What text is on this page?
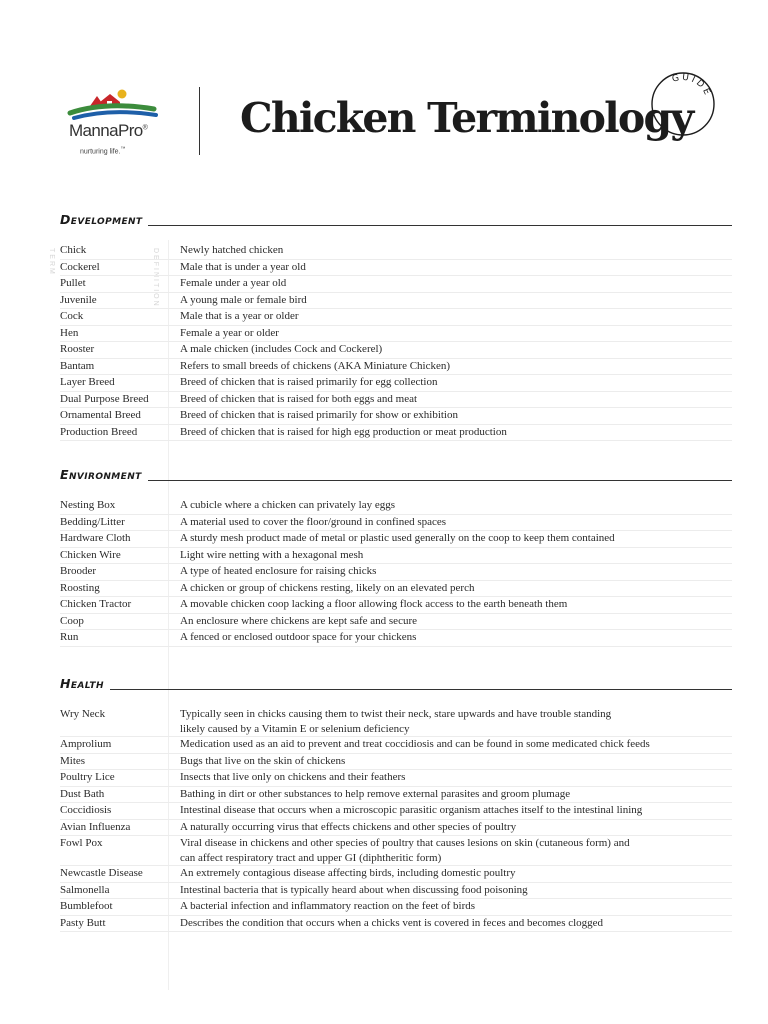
MannaPro®
nurturing life.™
Chicken Terminology
GUIDE
TERM	DEFINITION
Development
Chick	Newly hatched chicken
Cockerel	Male that is under a year old
Pullet	Female under a year old
Juvenile	A young male or female bird
Cock	Male that is a year or older
Hen	Female a year or older
Rooster	A male chicken (includes Cock and Cockerel)
Bantam	Refers to small breeds of chickens (AKA Miniature Chicken)
Layer Breed	Breed of chicken that is raised primarily for egg collection
Dual Purpose Breed	Breed of chicken that is raised for both eggs and meat
Ornamental Breed	Breed of chicken that is raised primarily for show or exhibition
Production Breed	Breed of chicken that is raised for high egg production or meat production
Environment
Nesting Box	A cubicle where a chicken can privately lay eggs
Bedding/Litter	A material used to cover the floor/ground in confined spaces
Hardware Cloth	A sturdy mesh product made of metal or plastic used generally on the coop to keep them contained
Chicken Wire	Light wire netting with a hexagonal mesh
Brooder	A type of heated enclosure for raising chicks
Roosting	A chicken or group of chickens resting, likely on an elevated perch
Chicken Tractor	A movable chicken coop lacking a floor allowing flock access to the earth beneath them
Coop	An enclosure where chickens are kept safe and secure
Run	A fenced or enclosed outdoor space for your chickens
Health
Wry Neck	Typically seen in chicks causing them to twist their neck, stare upwards and have trouble standing
likely caused by a Vitamin E or selenium deficiency
Amprolium	Medication used as an aid to prevent and treat coccidiosis and can be found in some medicated chick feeds
Mites	Bugs that live on the skin of chickens
Poultry Lice	Insects that live only on chickens and their feathers
Dust Bath	Bathing in dirt or other substances to help remove external parasites and groom plumage
Coccidiosis	Intestinal disease that occurs when a microscopic parasitic organism attaches itself to the intestinal lining
Avian Influenza	A naturally occurring virus that effects chickens and other species of poultry
Fowl Pox	Viral disease in chickens and other species of poultry that causes lesions on skin (cutaneous form) and
can affect respiratory tract and upper GI (diphtheritic form)
Newcastle Disease	An extremely contagious disease affecting birds, including domestic poultry
Salmonella	Intestinal bacteria that is typically heard about when discussing food poisoning
Bumblefoot	A bacterial infection and inflammatory reaction on the feet of birds
Pasty Butt	Describes the condition that occurs when a chicks vent is covered in feces and becomes clogged
